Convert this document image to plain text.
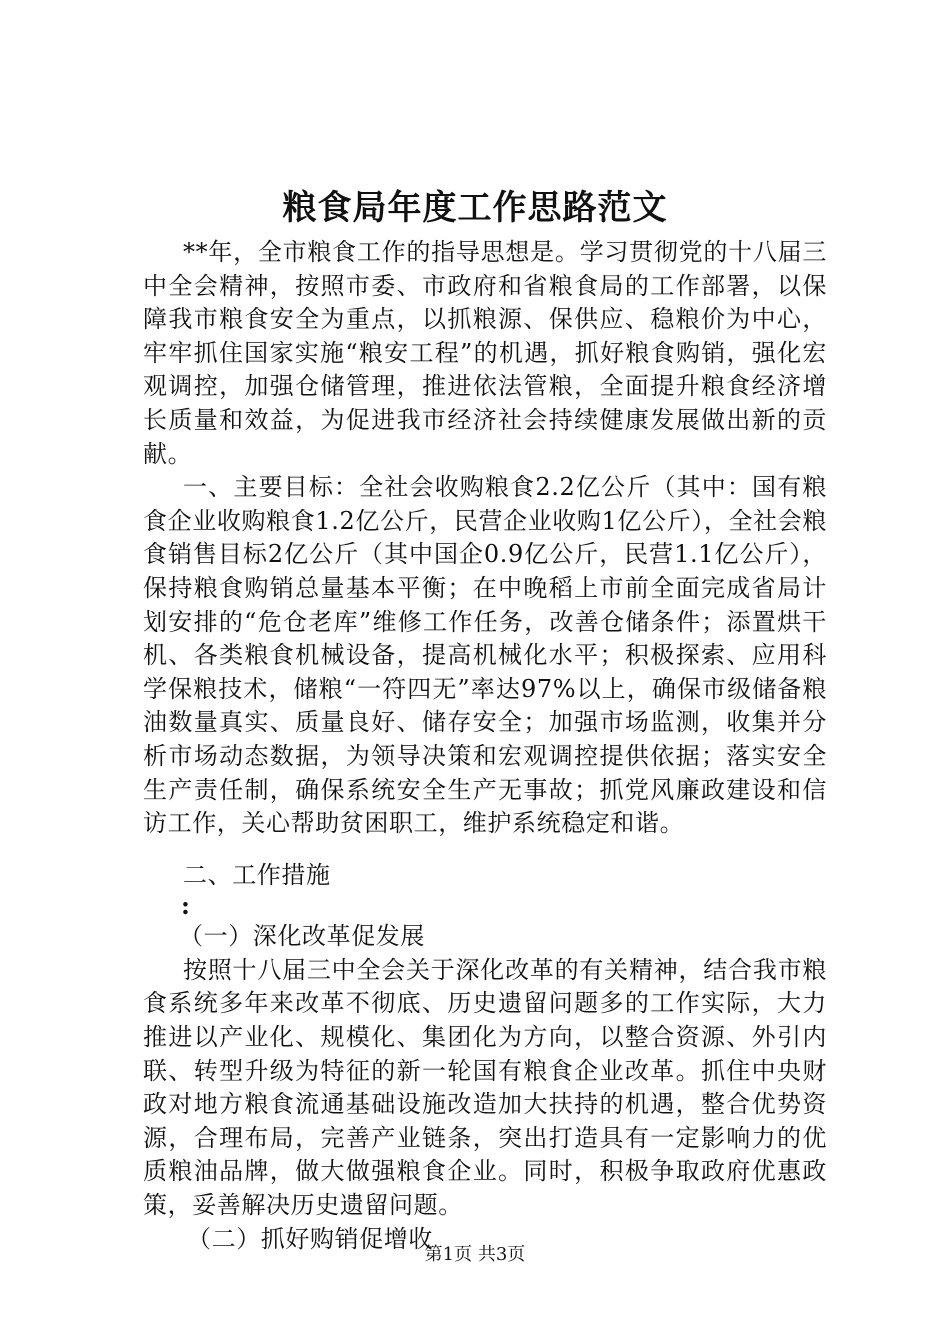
粮食局年度工作思路范文

**年，全市粮食工作的指导思想是。学习贯彻党的十八届三中全会精神，按照市委、市政府和省粮食局的工作部署，以保障我市粮食安全为重点，以抓粮源、保供应、稳粮价为中心，牢牢抓住国家实施“粮安工程”的机遇，抓好粮食购销，强化宏观调控，加强仓储管理，推进依法管粮，全面提升粮食经济增长质量和效益，为促进我市经济社会持续健康发展做出新的贡献。

一、主要目标：全社会收购粮食2.2亿公斤（其中：国有粮食企业收购粮食1.2亿公斤，民营企业收购1亿公斤），全社会粮食销售目标2亿公斤（其中国企0.9亿公斤，民营1.1亿公斤），保持粮食购销总量基本平衡；在中晚稻上市前全面完成省局计划安排的“危仓老库”维修工作任务，改善仓储条件；添置烘干机、各类粮食机械设备，提高机械化水平；积极探索、应用科学保粮技术，储粮“一符四无”率达97%以上，确保市级储备粮油数量真实、质量良好、储存安全；加强市场监测，收集并分析市场动态数据，为领导决策和宏观调控提供依据；落实安全生产责任制，确保系统安全生产无事故；抓党风廉政建设和信访工作，关心帮助贫困职工，维护系统稳定和谐。

二、工作措施

:

（一）深化改革促发展

按照十八届三中全会关于深化改革的有关精神，结合我市粮食系统多年来改革不彻底、历史遗留问题多的工作实际，大力推进以产业化、规模化、集团化为方向，以整合资源、外引内联、转型升级为特征的新一轮国有粮食企业改革。抓住中央财政对地方粮食流通基础设施改造加大扶持的机遇，整合优势资源，合理布局，完善产业链条，突出打造具有一定影响力的优质粮油品牌，做大做强粮食企业。同时，积极争取政府优惠政策，妥善解决历史遗留问题。

（二）抓好购销促增收

第1页 共3页
